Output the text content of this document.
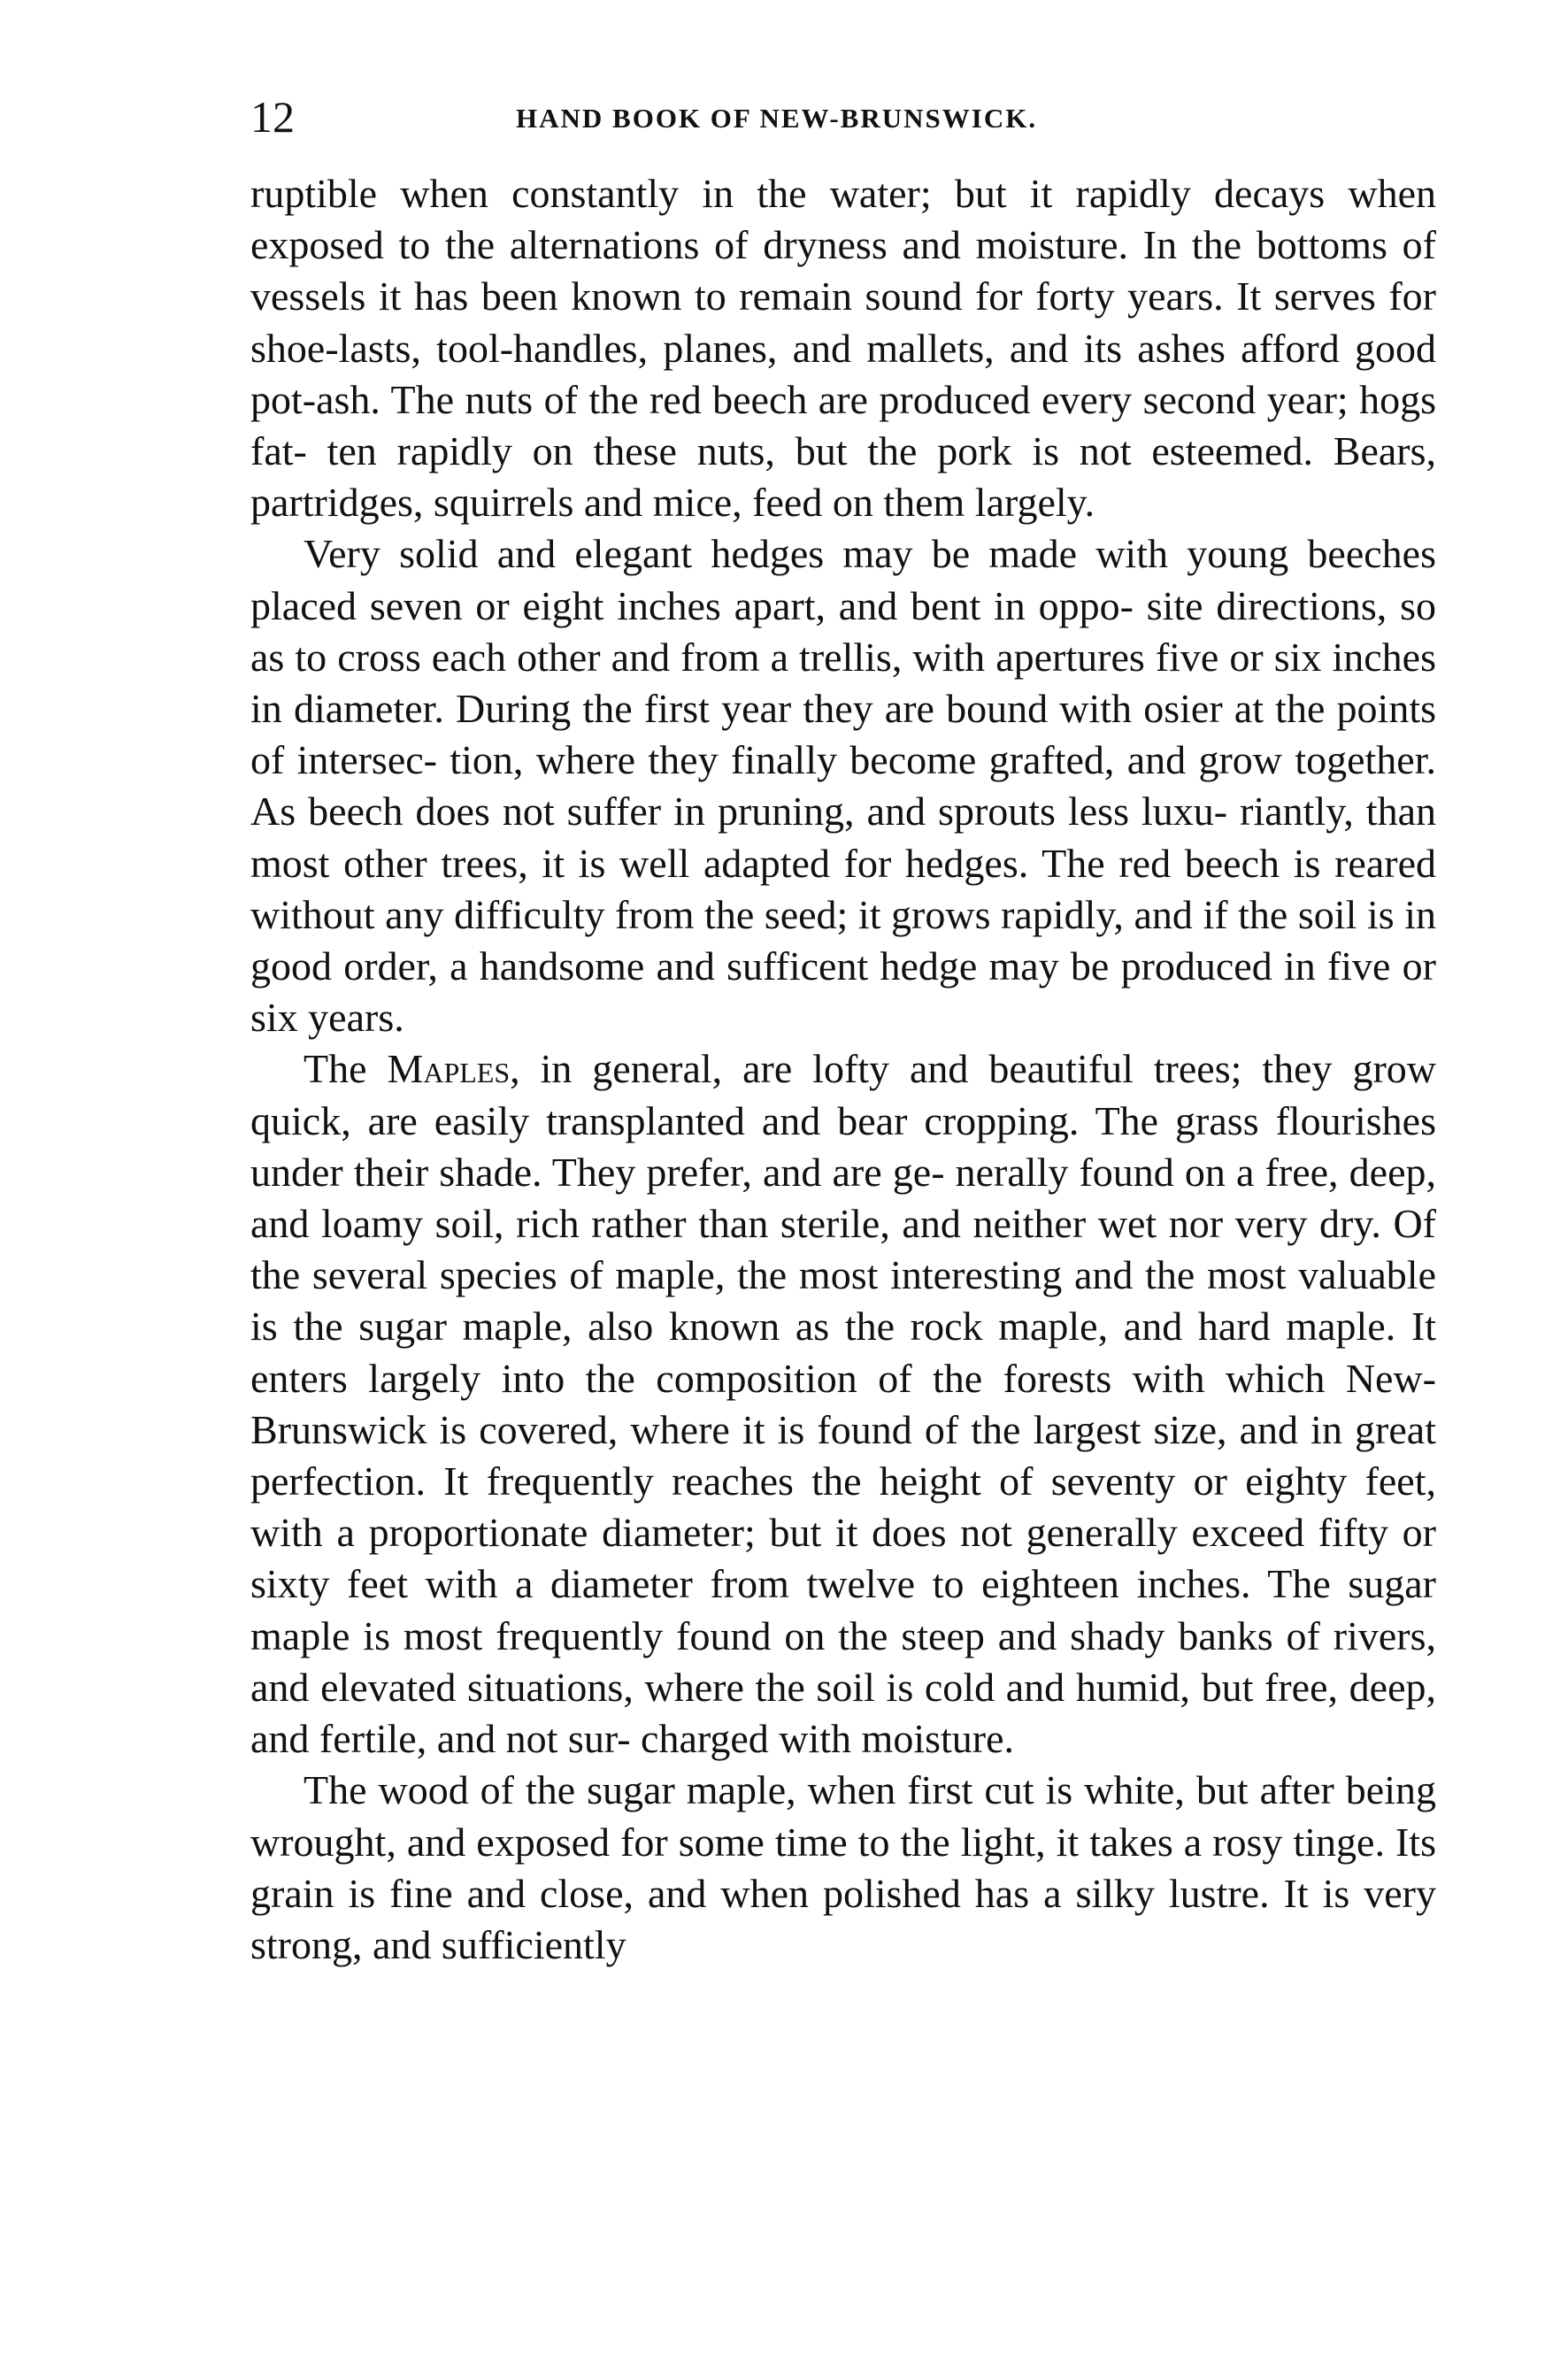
12	HAND BOOK OF NEW-BRUNSWICK.

ruptible when constantly in the water; but it rapidly decays when exposed to the alternations of dryness and moisture. In the bottoms of vessels it has been known to remain sound for forty years. It serves for shoe-lasts, tool-handles, planes, and mallets, and its ashes afford good pot-ash. The nuts of the red beech are produced every second year; hogs fat- ten rapidly on these nuts, but the pork is not esteemed. Bears, partridges, squirrels and mice, feed on them largely.

Very solid and elegant hedges may be made with young beeches placed seven or eight inches apart, and bent in oppo- site directions, so as to cross each other and from a trellis, with apertures five or six inches in diameter. During the first year they are bound with osier at the points of intersec- tion, where they finally become grafted, and grow together. As beech does not suffer in pruning, and sprouts less luxu- riantly, than most other trees, it is well adapted for hedges. The red beech is reared without any difficulty from the seed; it grows rapidly, and if the soil is in good order, a handsome and sufficent hedge may be produced in five or six years.

The Maples, in general, are lofty and beautiful trees; they grow quick, are easily transplanted and bear cropping. The grass flourishes under their shade. They prefer, and are ge- nerally found on a free, deep, and loamy soil, rich rather than sterile, and neither wet nor very dry. Of the several species of maple, the most interesting and the most valuable is the sugar maple, also known as the rock maple, and hard maple. It enters largely into the composition of the forests with which New-Brunswick is covered, where it is found of the largest size, and in great perfection. It frequently reaches the height of seventy or eighty feet, with a proportionate diameter; but it does not generally exceed fifty or sixty feet with a diameter from twelve to eighteen inches. The sugar maple is most frequently found on the steep and shady banks of rivers, and elevated situations, where the soil is cold and humid, but free, deep, and fertile, and not sur- charged with moisture.

The wood of the sugar maple, when first cut is white, but after being wrought, and exposed for some time to the light, it takes a rosy tinge. Its grain is fine and close, and when polished has a silky lustre. It is very strong, and sufficiently
